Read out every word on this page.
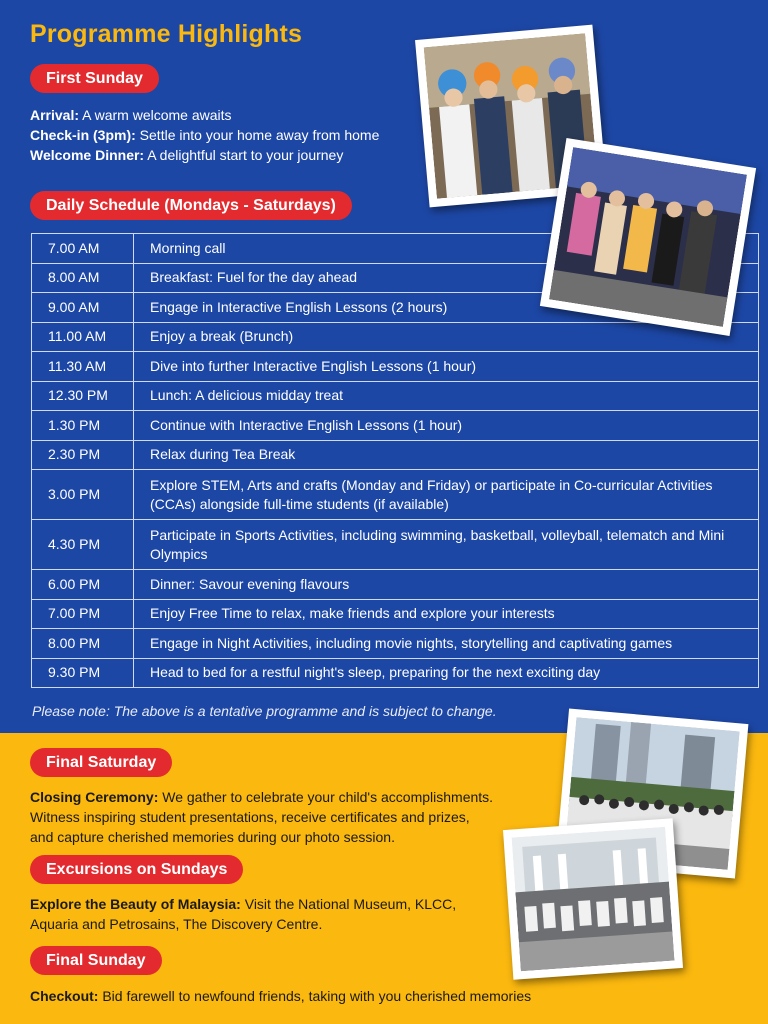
Programme Highlights
First Sunday
Arrival: A warm welcome awaits
Check-in (3pm): Settle into your home away from home
Welcome Dinner: A delightful start to your journey
Daily Schedule (Mondays - Saturdays)
7.00 AM	Morning call
8.00 AM	Breakfast: Fuel for the day ahead
9.00 AM	Engage in Interactive English Lessons (2 hours)
11.00 AM	Enjoy a break (Brunch)
11.30 AM	Dive into further Interactive English Lessons (1 hour)
12.30 PM	Lunch: A delicious midday treat
1.30 PM	Continue with Interactive English Lessons (1 hour)
2.30 PM	Relax during Tea Break
3.00 PM	Explore STEM, Arts and crafts (Monday and Friday) or participate in Co-curricular Activities (CCAs) alongside full-time students (if available)
4.30 PM	Participate in Sports Activities, including swimming, basketball, volleyball, telematch and Mini Olympics
6.00 PM	Dinner: Savour evening flavours
7.00 PM	Enjoy Free Time to relax, make friends and explore your interests
8.00 PM	Engage in Night Activities, including movie nights, storytelling and captivating games
9.30 PM	Head to bed for a restful night's sleep, preparing for the next exciting day
Please note: The above is a tentative programme and is subject to change.
Final Saturday
Closing Ceremony: We gather to celebrate your child's accomplishments.
Witness inspiring student presentations, receive certificates and prizes,
and capture cherished memories during our photo session.
Excursions on Sundays
Explore the Beauty of Malaysia: Visit the National Museum, KLCC,
Aquaria and Petrosains, The Discovery Centre.
Final Sunday
Checkout: Bid farewell to newfound friends, taking with you cherished memories
